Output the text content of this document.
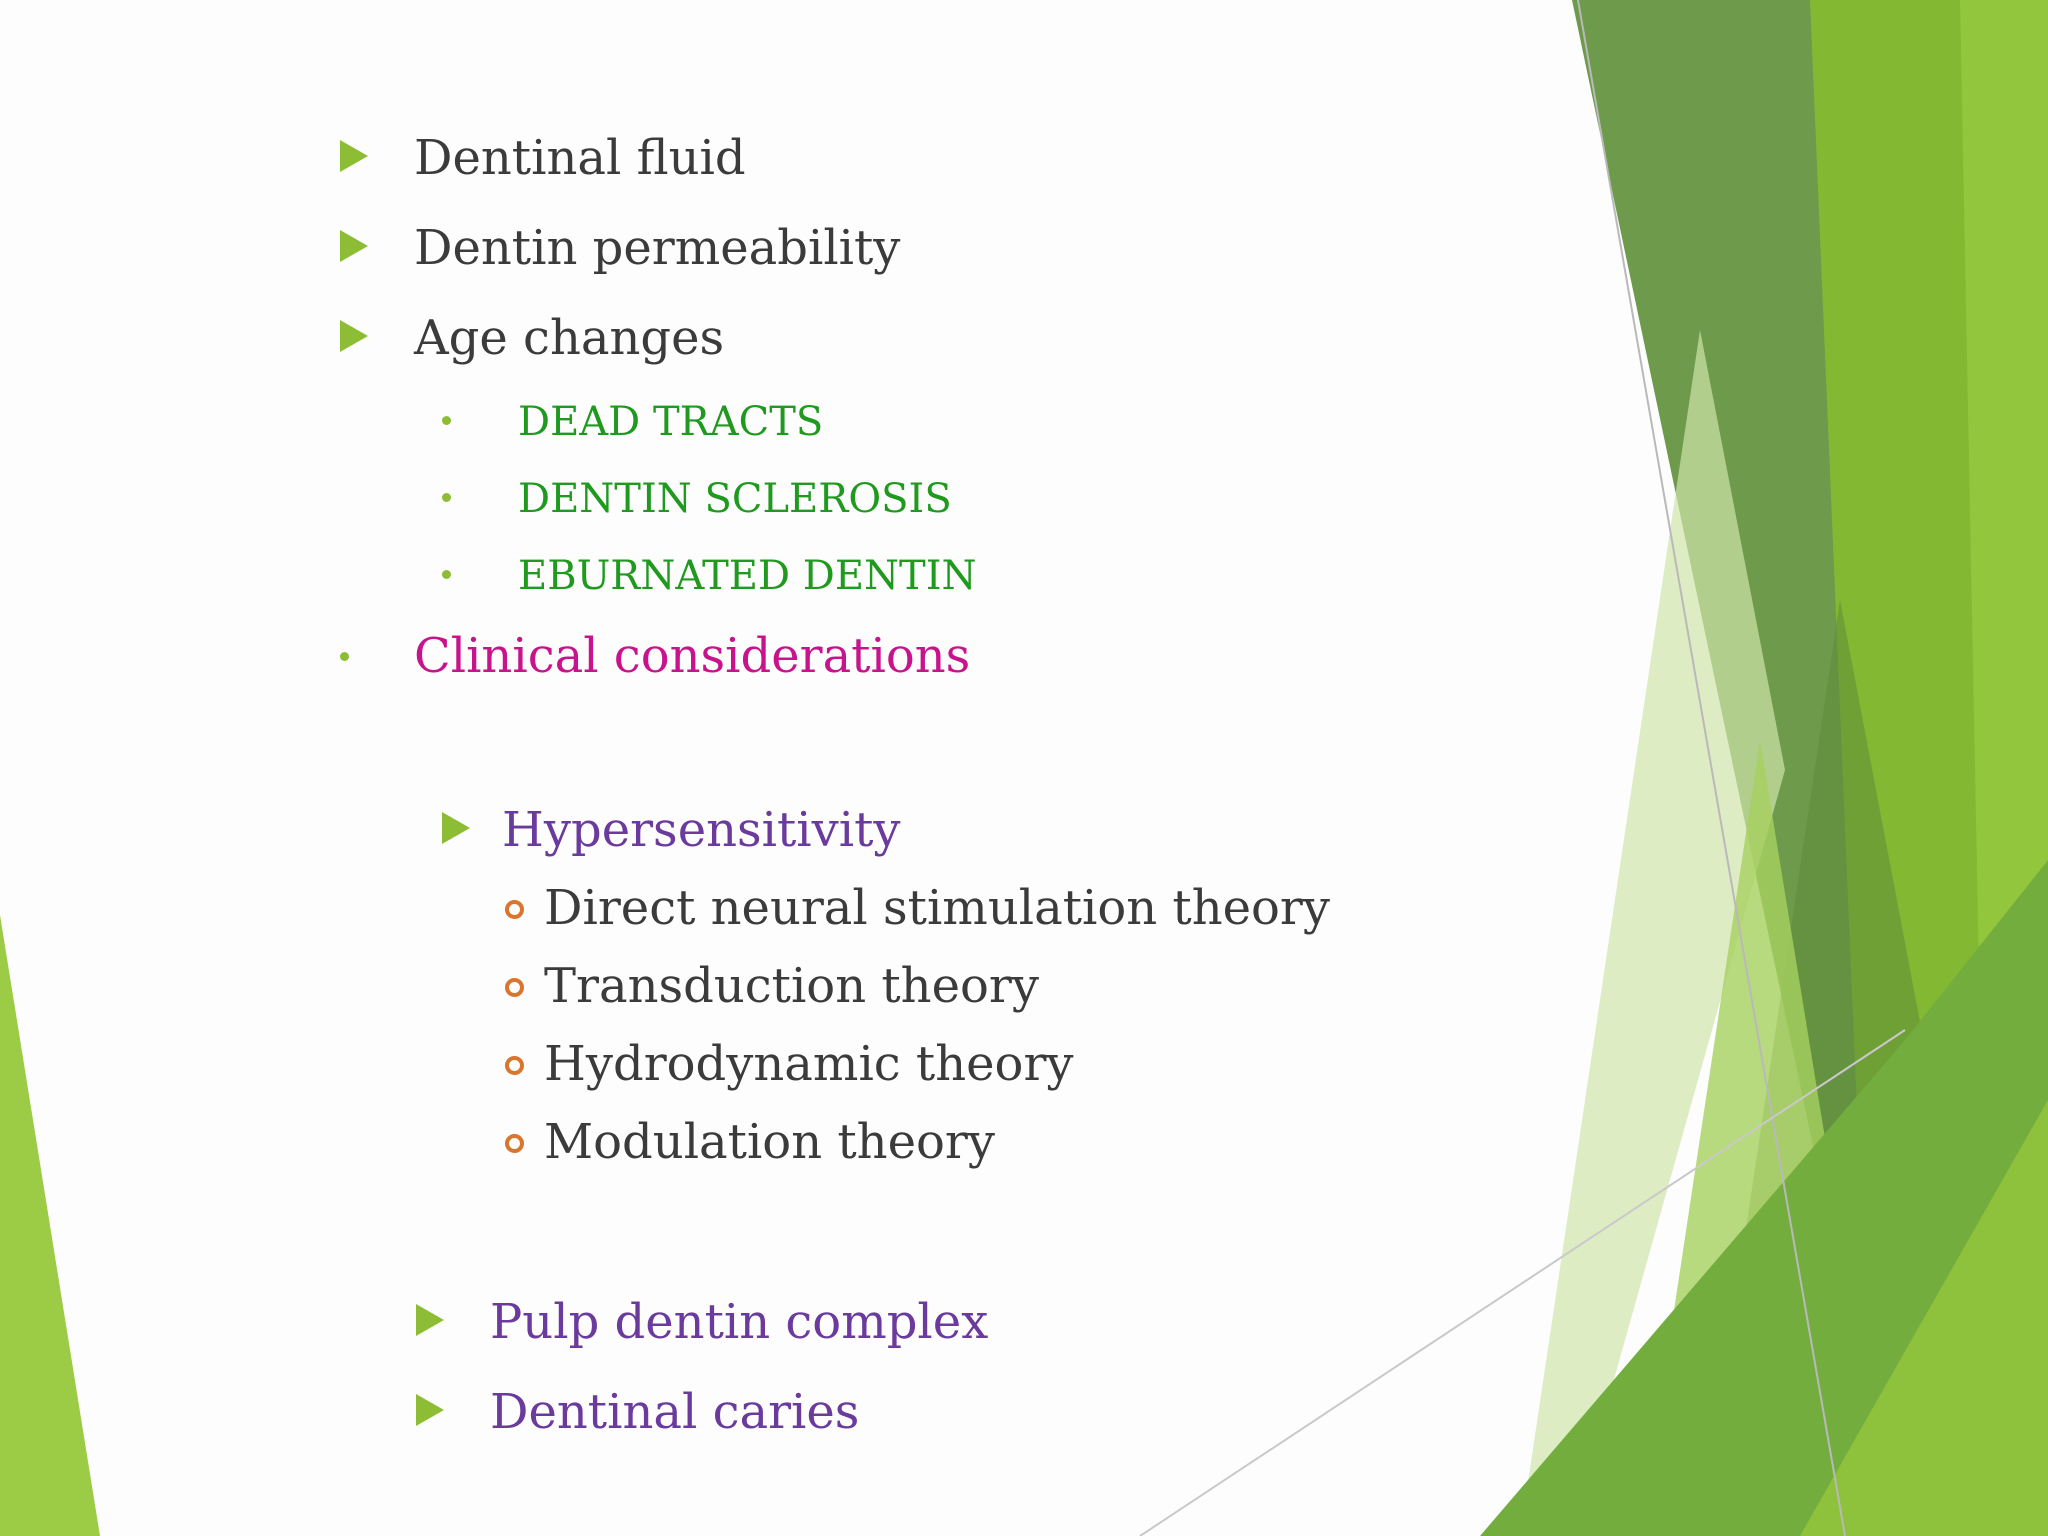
Dentinal fluid
Dentin permeability
Age changes
DEAD TRACTS
DENTIN SCLEROSIS
EBURNATED DENTIN
Clinical considerations
Hypersensitivity
Direct neural stimulation theory
Transduction theory
Hydrodynamic theory
Modulation theory
Pulp dentin complex
Dentinal caries
